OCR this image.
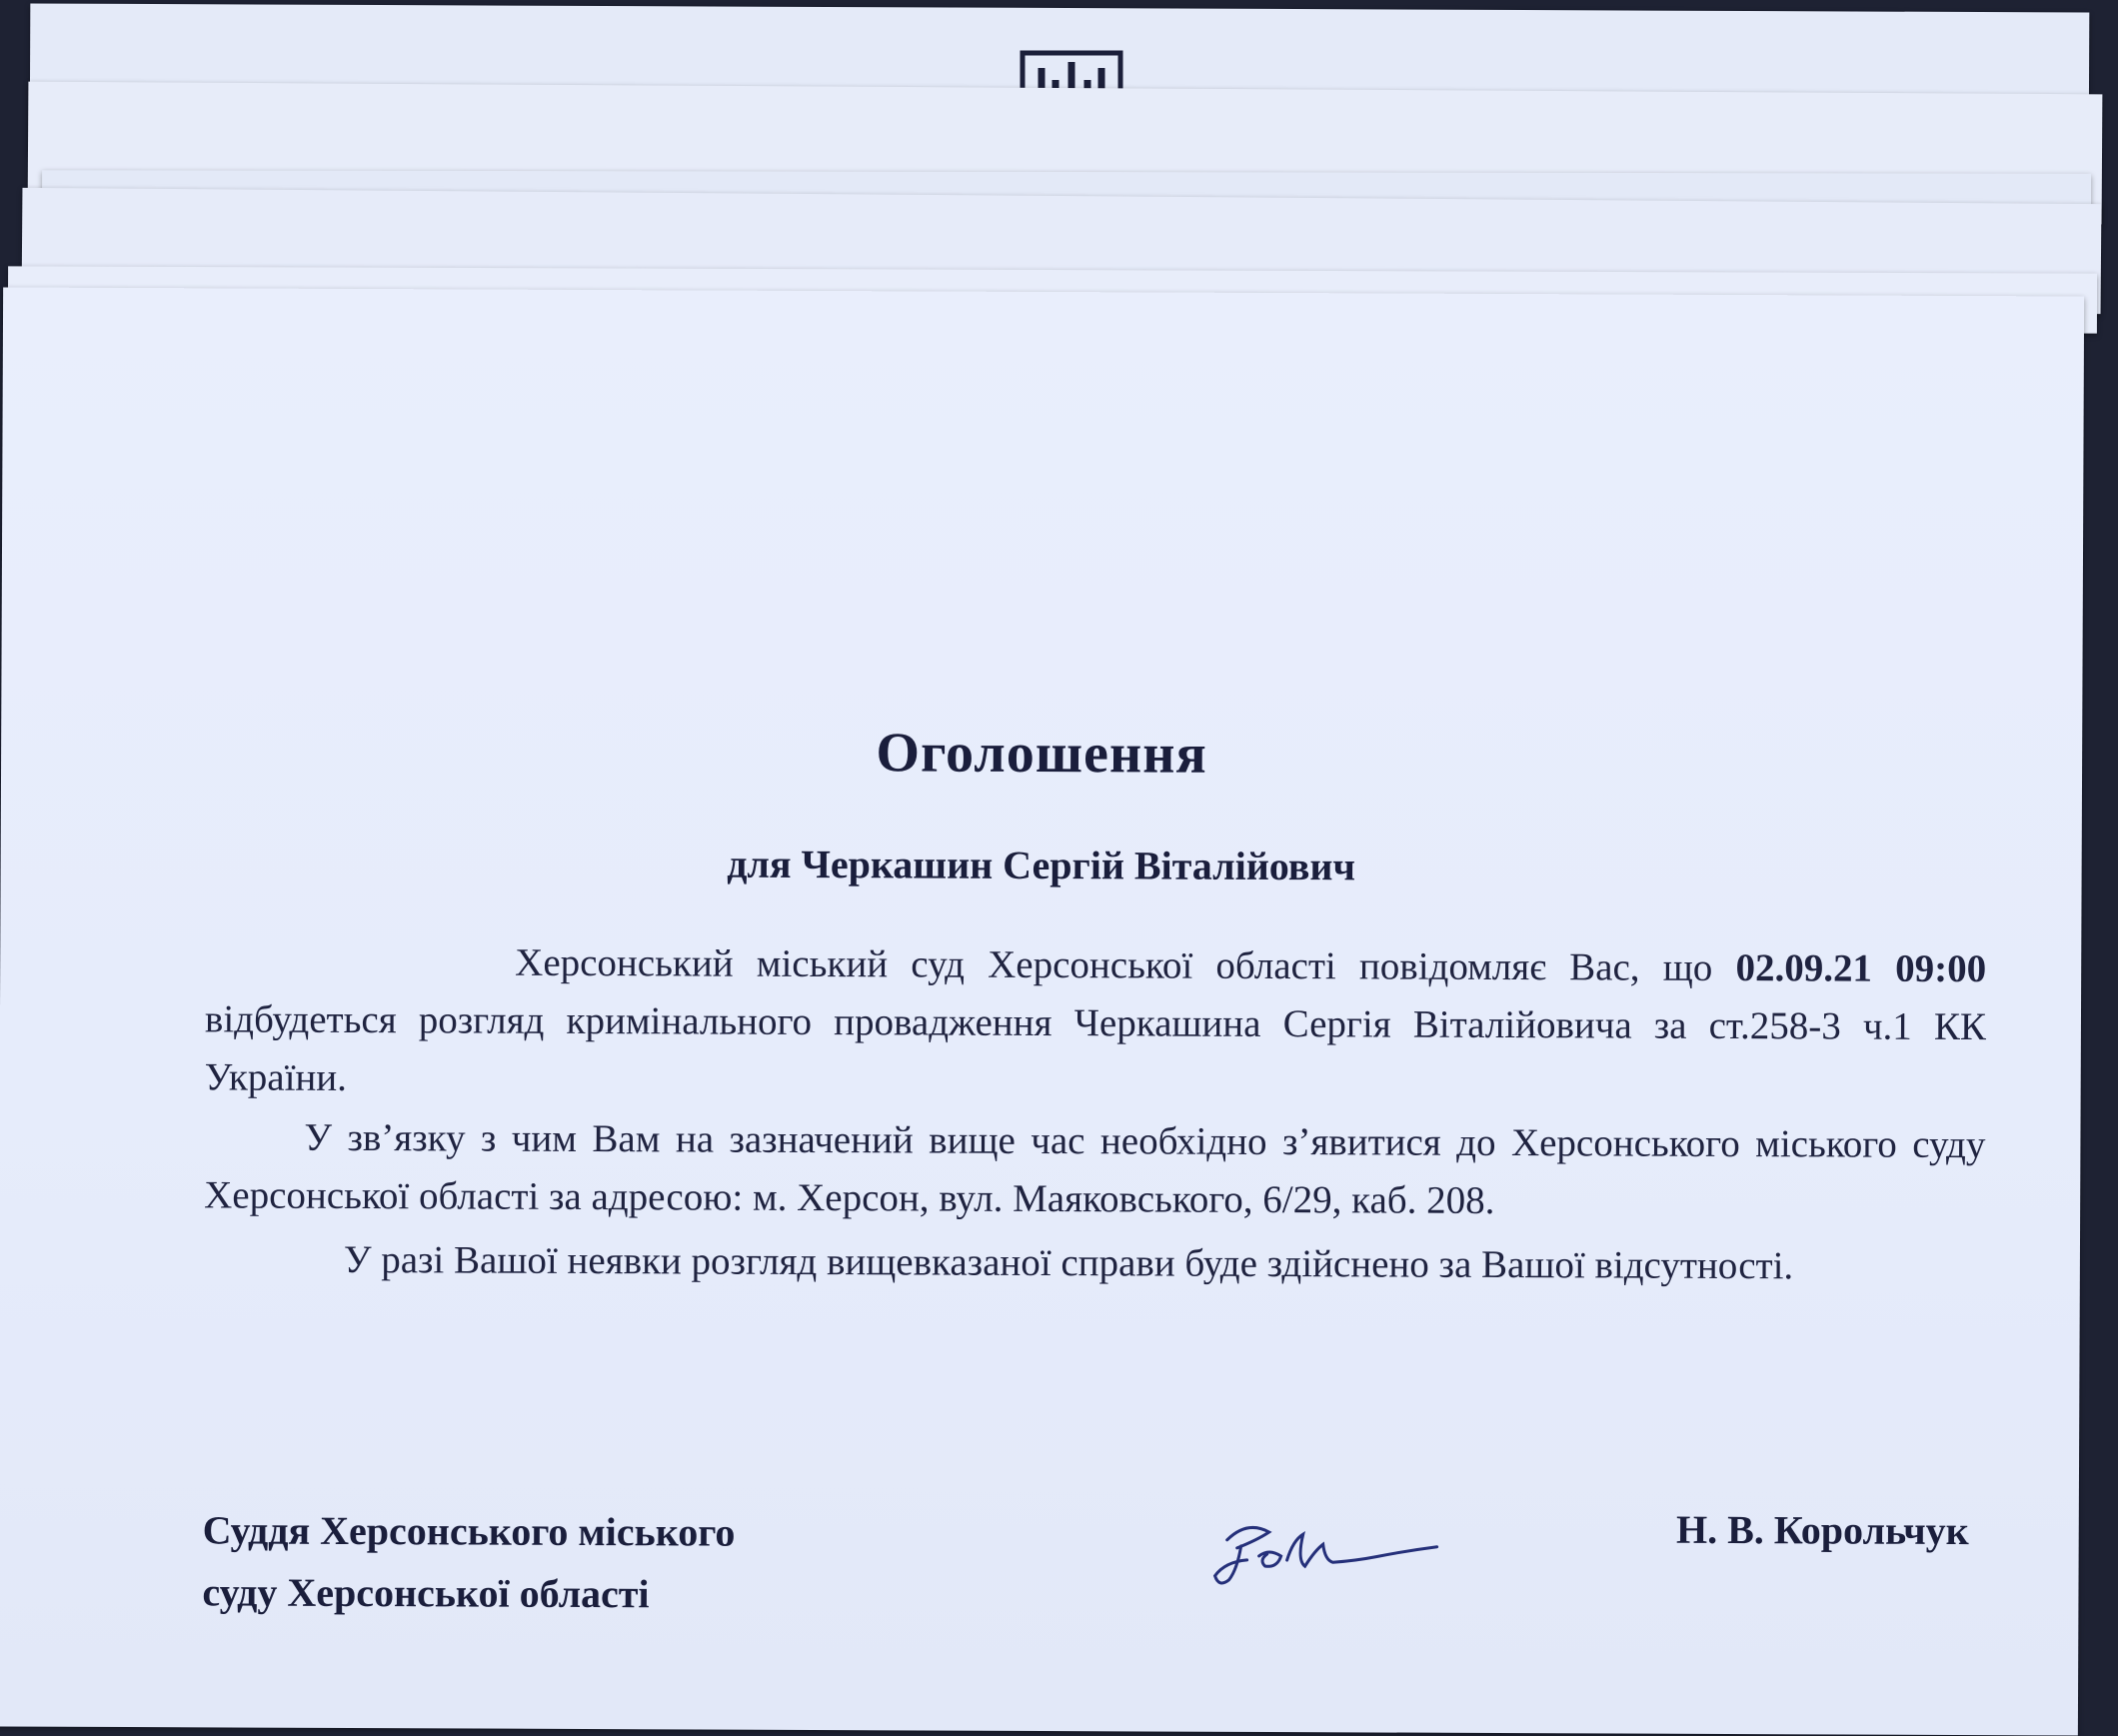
Оголошення
для Черкашин Сергій Віталійович

Херсонський міський суд Херсонської області повідомляє Вас, що 02.09.21 09:00 відбудеться розгляд кримінального провадження Черкашина Сергія Віталійовича за ст.258-3 ч.1 КК України.

У зв’язку з чим Вам на зазначений вище час необхідно з’явитися до Херсонського міського суду Херсонської області за адресою: м. Херсон, вул. Маяковського, 6/29, каб. 208.

У разі Вашої неявки розгляд вищевказаної справи буде здійснено за Вашої відсутності.

Суддя Херсонського міського
суду Херсонської області
Н. В. Корольчук
